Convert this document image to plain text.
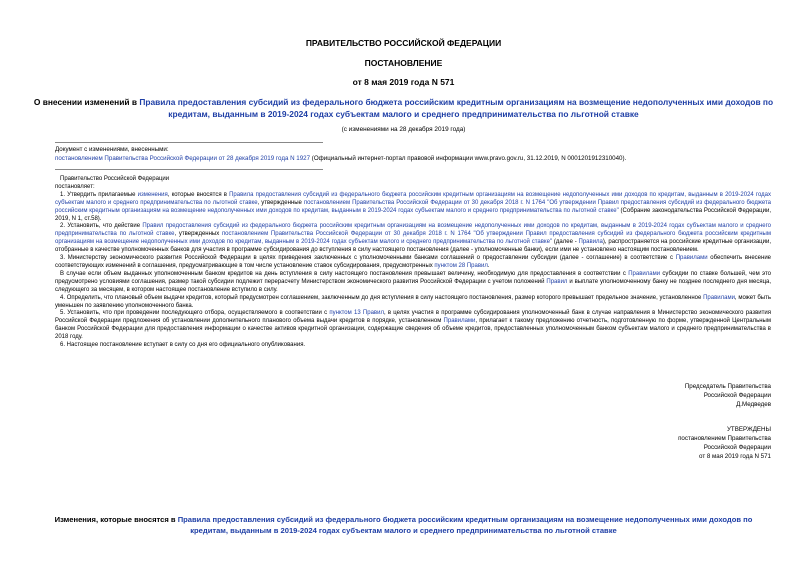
ПРАВИТЕЛЬСТВО РОССИЙСКОЙ ФЕДЕРАЦИИ
ПОСТАНОВЛЕНИЕ
от 8 мая 2019 года N 571
О внесении изменений в Правила предоставления субсидий из федерального бюджета российским кредитным организациям на возмещение недополученных ими доходов по кредитам, выданным в 2019-2024 годах субъектам малого и среднего предпринимательства по льготной ставке
(с изменениями на 28 декабря 2019 года)
Документ с изменениями, внесенными:
постановлением Правительства Российской Федерации от 28 декабря 2019 года N 1927 (Официальный интернет-портал правовой информации www.pravo.gov.ru, 31.12.2019, N 0001201912310040).

Правительство Российской Федерации

постановляет:

1. Утвердить прилагаемые изменения, которые вносятся в Правила предоставления субсидий из федерального бюджета российским кредитным организациям на возмещение недополученных ими доходов по кредитам, выданным в 2019-2024 годах субъектам малого и среднего предпринимательства по льготной ставке, утвержденные постановлением Правительства Российской Федерации от 30 декабря 2018 г. N 1764 "Об утверждении Правил предоставления субсидий из федерального бюджета российским кредитным организациям на возмещение недополученных ими доходов по кредитам, выданным в 2019-2024 годах субъектам малого и среднего предпринимательства по льготной ставке" (Собрание законодательства Российской Федерации, 2019, N 1, ст.58).

2. Установить, что действие Правил предоставления субсидий из федерального бюджета российским кредитным организациям на возмещение недополученных ими доходов по кредитам, выданным в 2019-2024 годах субъектам малого и среднего предпринимательства по льготной ставке, утвержденных постановлением Правительства Российской Федерации от 30 декабря 2018 г. N 1764 "Об утверждении Правил предоставления субсидий из федерального бюджета российским кредитным организациям на возмещение недополученных ими доходов по кредитам, выданным в 2019-2024 годах субъектам малого и среднего предпринимательства по льготной ставке" (далее - Правила), распространяется на российские кредитные организации, отобранные в качестве уполномоченных банков для участия в программе субсидирования до вступления в силу настоящего постановления (далее - уполномоченные банки), если ими не установлено настоящим постановлением.

3. Министерству экономического развития Российской Федерации в целях приведения заключенных с уполномоченными банками соглашений о предоставлении субсидии (далее - соглашение) в соответствие с Правилами обеспечить внесение соответствующих изменений в соглашения, предусматривающие в том числе установление ставок субсидирования, предусмотренных пунктом 28 Правил.

В случае если объем выданных уполномоченным банком кредитов на день вступления в силу настоящего постановления превышает величину, необходимую для предоставления в соответствии с Правилами субсидии по ставке большей, чем это предусмотрено условиями соглашения, размер такой субсидии подлежит перерасчету Министерством экономического развития Российской Федерации с учетом положений Правил и выплате уполномоченному банку не позднее последнего дня месяца, следующего за месяцем, в котором настоящее постановление вступило в силу.

4. Определить, что плановый объем выдачи кредитов, который предусмотрен соглашением, заключенным до дня вступления в силу настоящего постановления, размер которого превышает предельное значение, установленное Правилами, может быть уменьшен по заявлению уполномоченного банка.

5. Установить, что при проведении последующего отбора, осуществляемого в соответствии с пунктом 13 Правил, в целях участия в программе субсидирования уполномоченный банк в случае направления в Министерство экономического развития Российской Федерации предложения об установлении дополнительного планового объема выдачи кредитов в порядке, установленном Правилами, прилагает к такому предложению отчетность, подготовленную по форме, утвержденной Центральным банком Российской Федерации для предоставления информации о качестве активов кредитной организации, содержащие сведения об объеме кредитов, предоставленных уполномоченным банком субъектам малого и среднего предпринимательства в 2018 году.

6. Настоящее постановление вступает в силу со дня его официального опубликования.

Председатель Правительства
Российской Федерации
Д.Медведев
УТВЕРЖДЕНЫ
постановлением Правительства
Российской Федерации
от 8 мая 2019 года N 571
Изменения, которые вносятся в Правила предоставления субсидий из федерального бюджета российским кредитным организациям на возмещение недополученных ими доходов по кредитам, выданным в 2019-2024 годах субъектам малого и среднего предпринимательства по льготной ставке
